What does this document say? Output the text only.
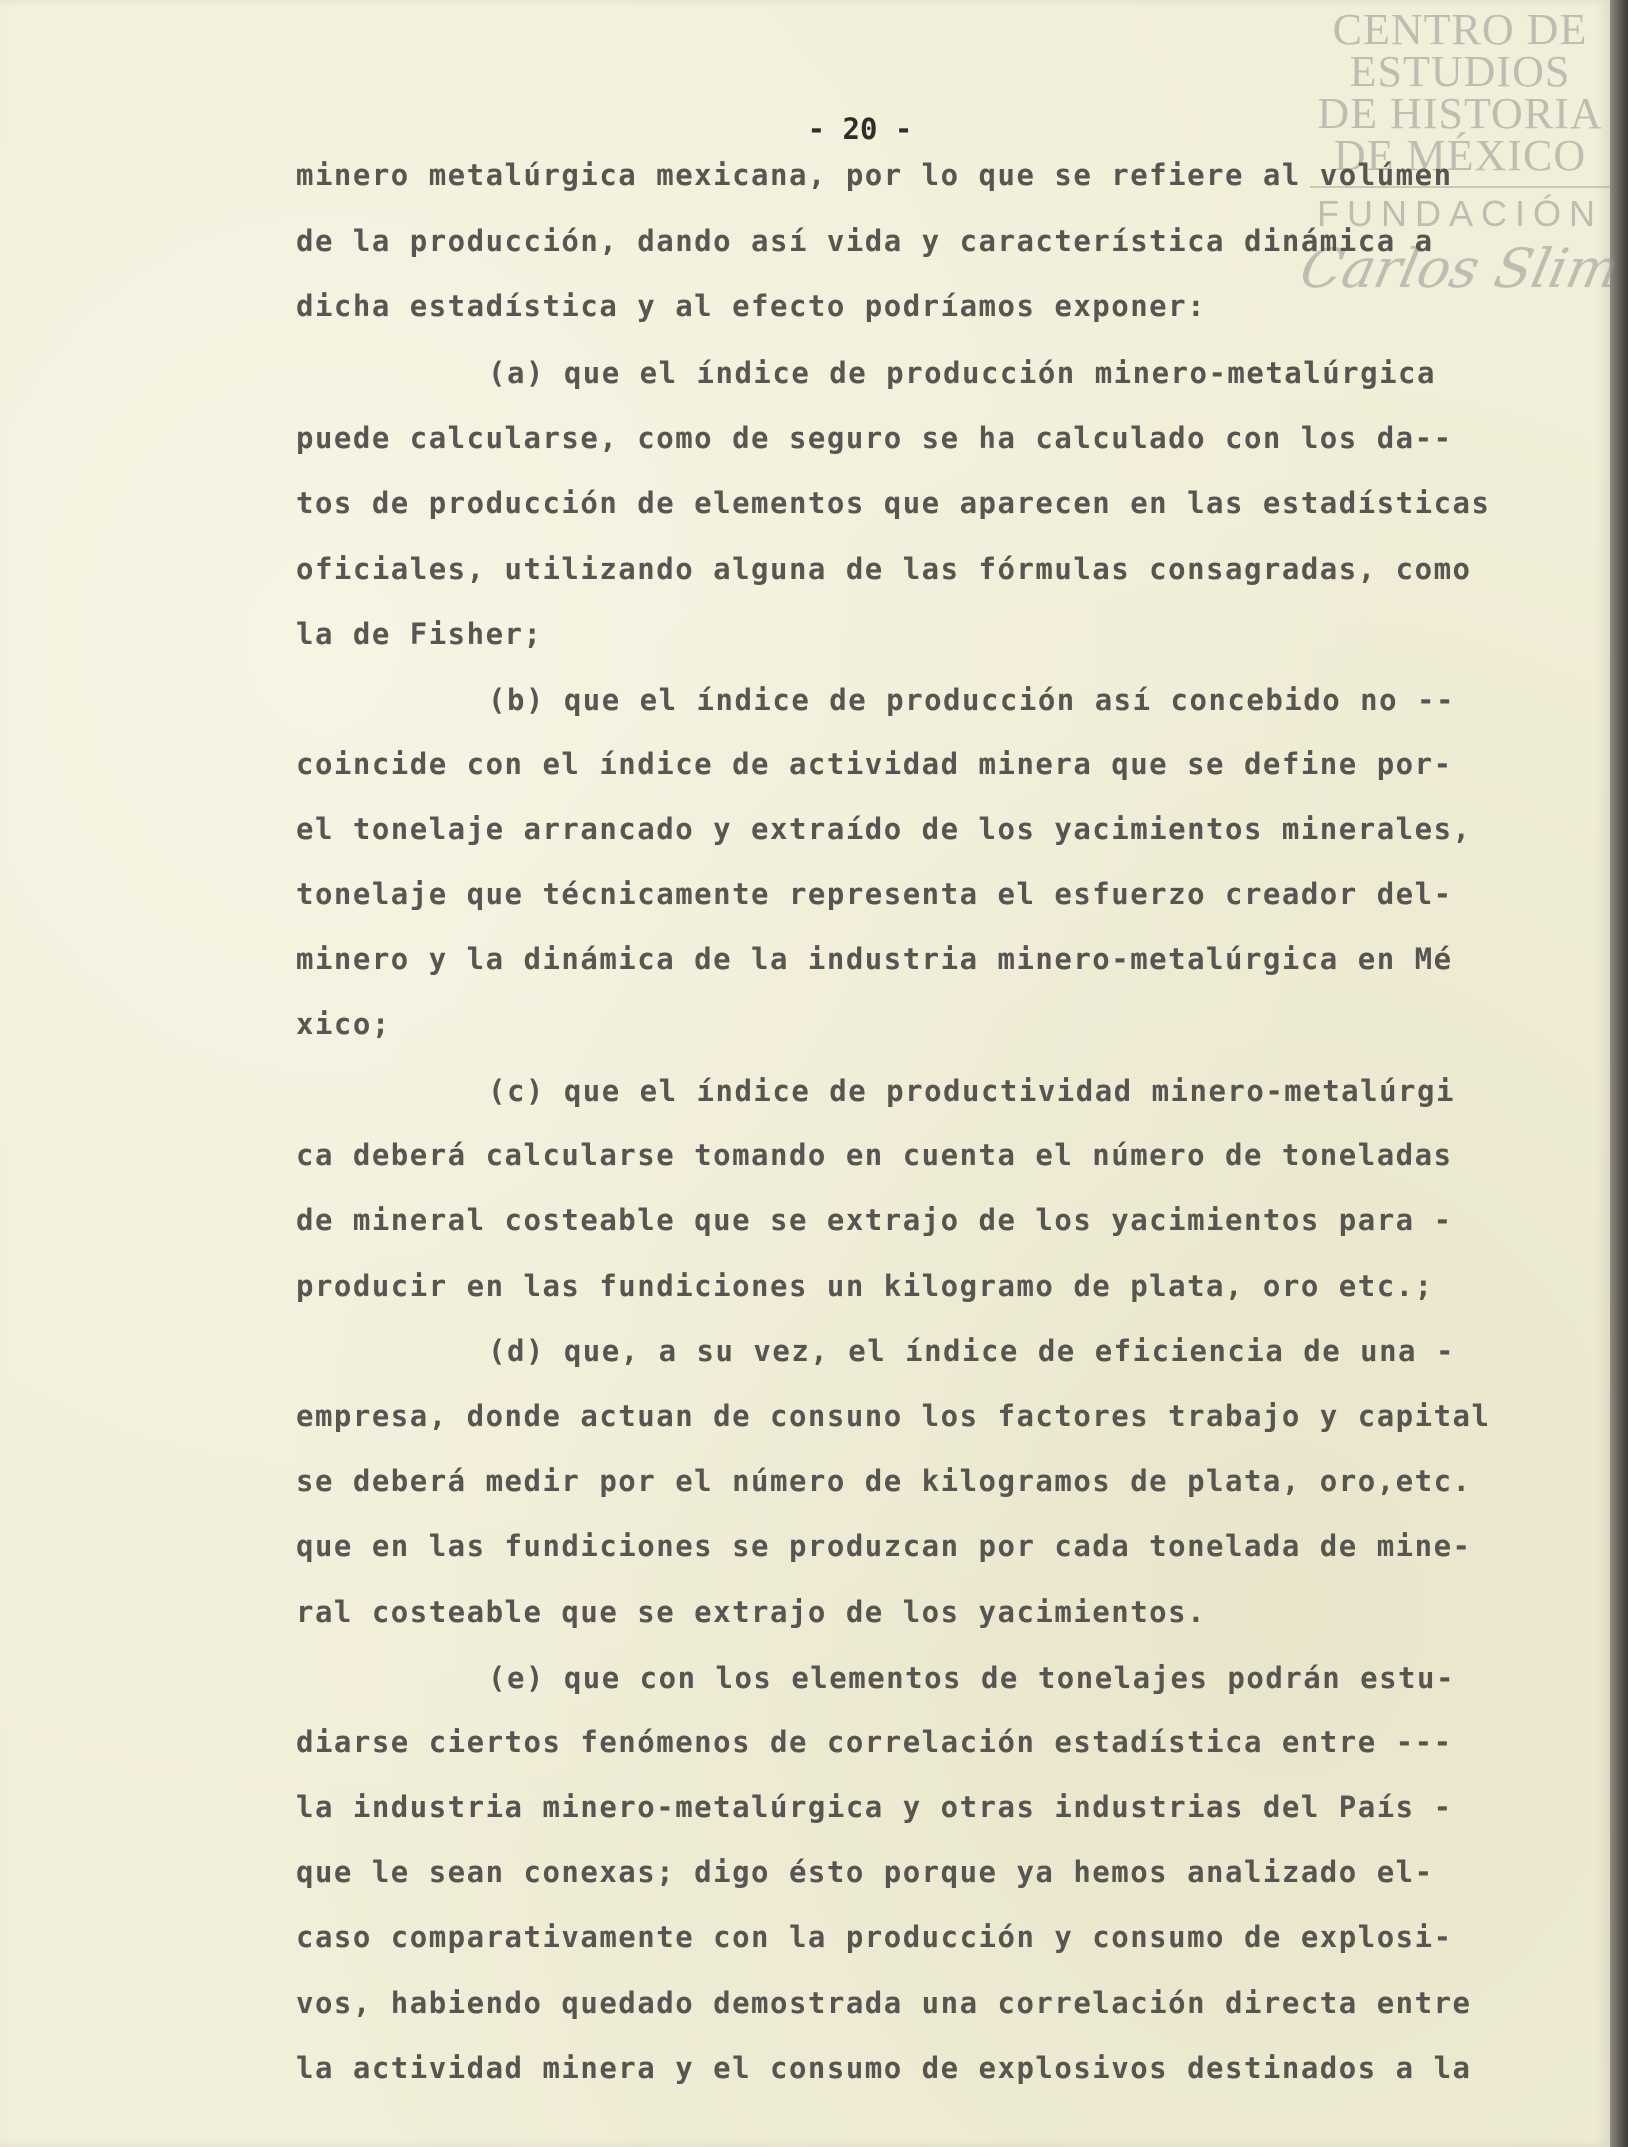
CENTRO DE
ESTUDIOS
DE HISTORIA
DE MÉXICO
FUNDACIÓN
Carlos Slim
- 20 -
minero metalúrgica mexicana, por lo que se refiere al volúmen
de la producción, dando así vida y característica dinámica a
dicha estadística y al efecto podríamos exponer:
(a) que el índice de producción minero-metalúrgica
puede calcularse, como de seguro se ha calculado con los da--
tos de producción de elementos que aparecen en las estadísticas
oficiales, utilizando alguna de las fórmulas consagradas, como
la de Fisher;
(b) que el índice de producción así concebido no --
coincide con el índice de actividad minera que se define por-
el tonelaje arrancado y extraído de los yacimientos minerales,
tonelaje que técnicamente representa el esfuerzo creador del-
minero y la dinámica de la industria minero-metalúrgica en Mé
xico;
(c) que el índice de productividad minero-metalúrgi
ca deberá calcularse tomando en cuenta el número de toneladas
de mineral costeable que se extrajo de los yacimientos para -
producir en las fundiciones un kilogramo de plata, oro etc.;
(d) que, a su vez, el índice de eficiencia de una -
empresa, donde actuan de consuno los factores trabajo y capital
se deberá medir por el número de kilogramos de plata, oro,etc.
que en las fundiciones se produzcan por cada tonelada de mine-
ral costeable que se extrajo de los yacimientos.
(e) que con los elementos de tonelajes podrán estu-
diarse ciertos fenómenos de correlación estadística entre ---
la industria minero-metalúrgica y otras industrias del País -
que le sean conexas; digo ésto porque ya hemos analizado el-
caso comparativamente con la producción y consumo de explosi-
vos, habiendo quedado demostrada una correlación directa entre
la actividad minera y el consumo de explosivos destinados a la
